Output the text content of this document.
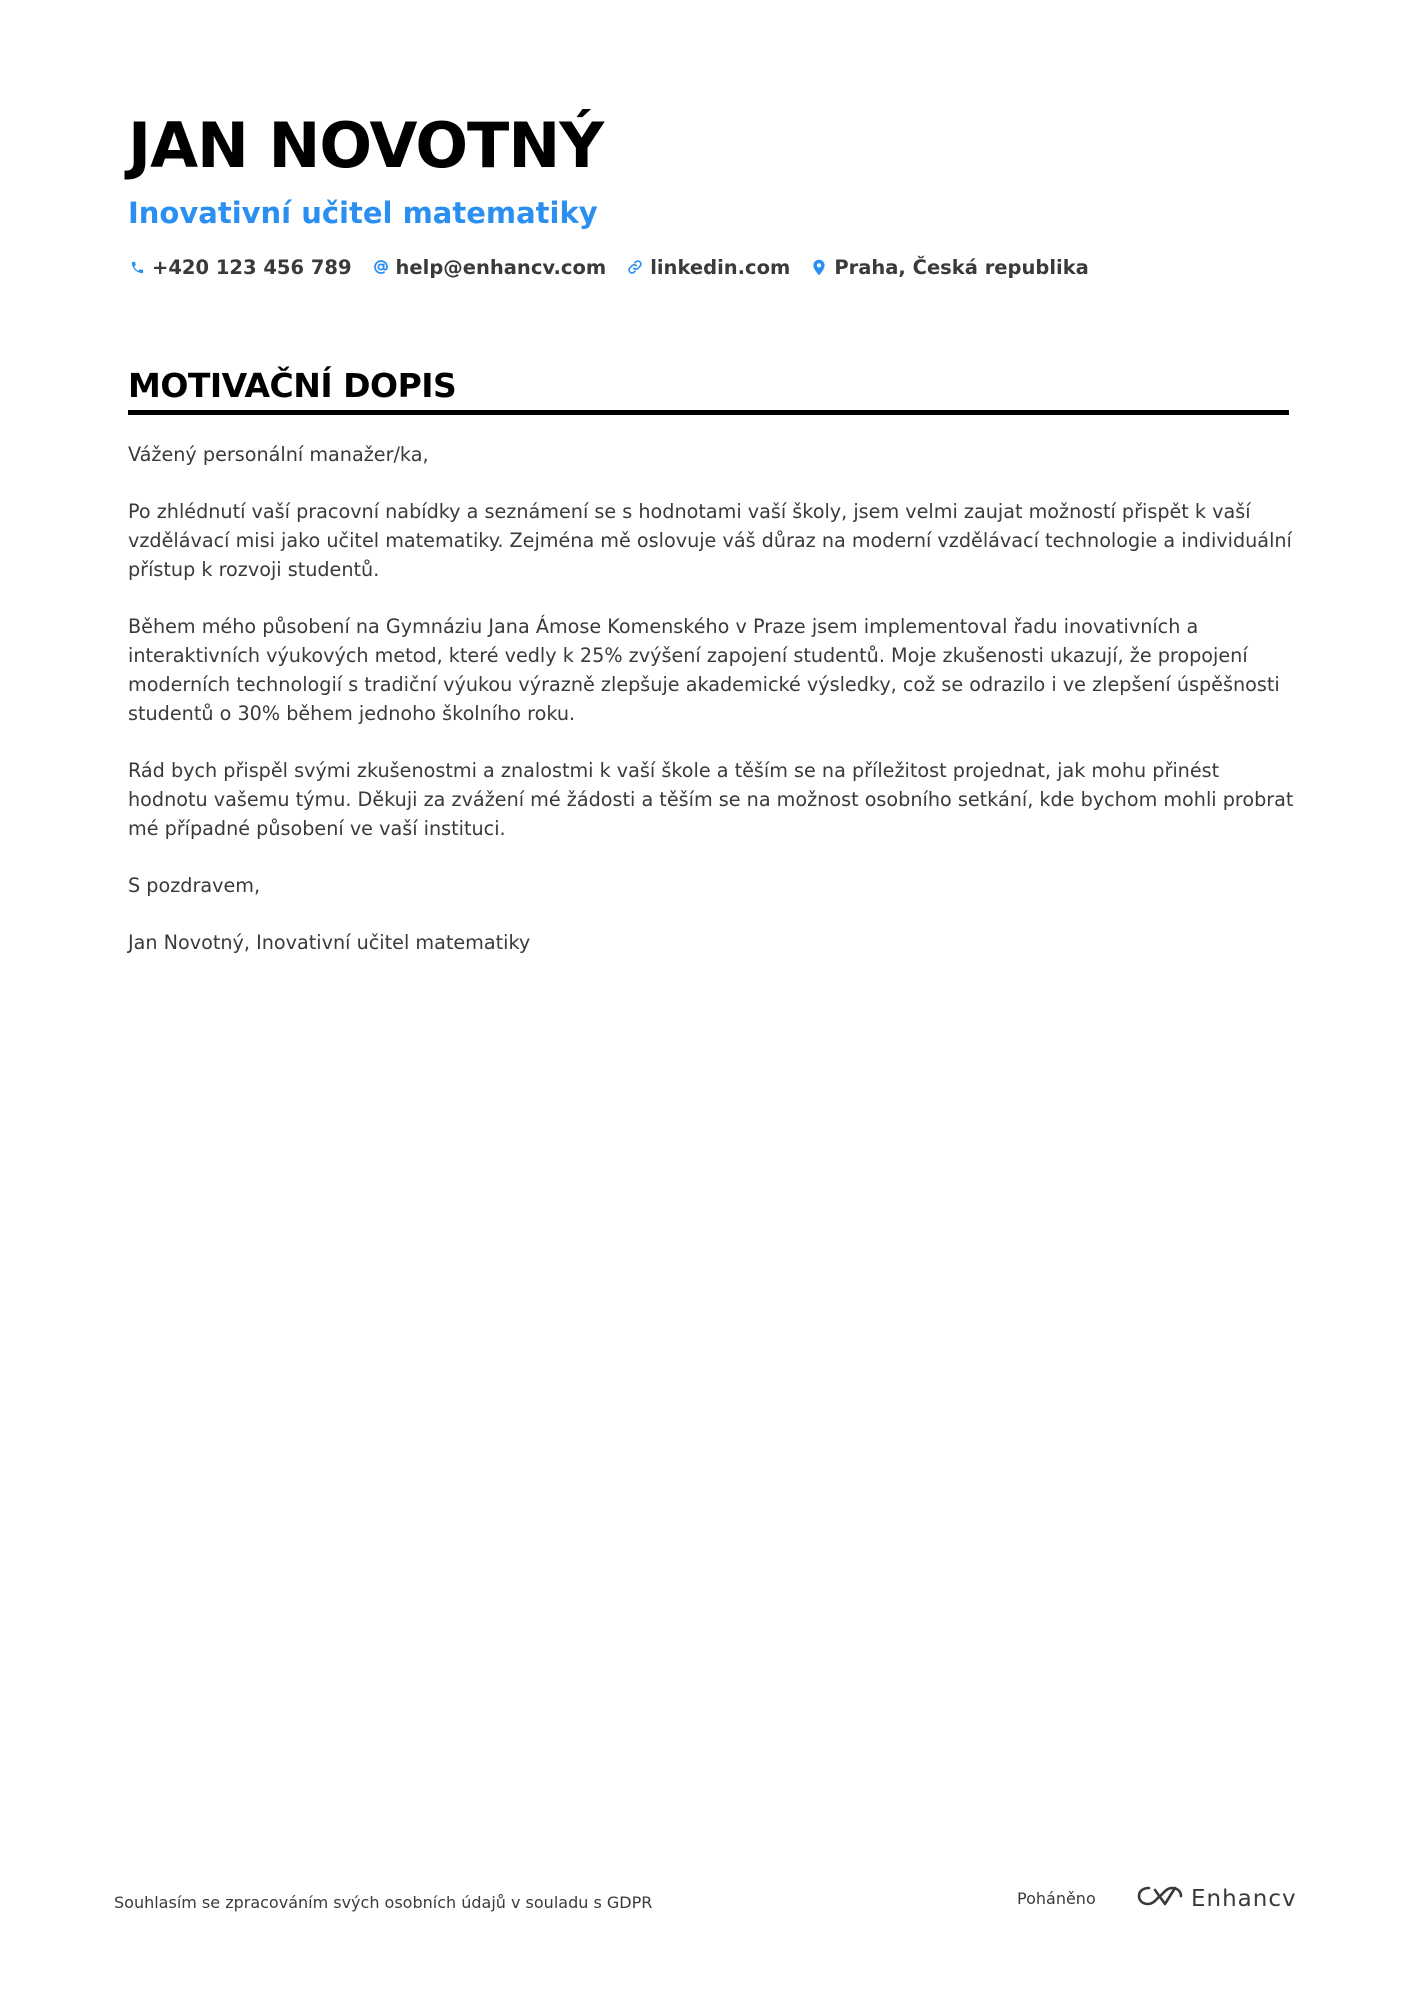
JAN NOVOTNÝ
Inovativní učitel matematiky
+420 123 456 789 help@enhancv.com linkedin.com Praha, Česká republika
MOTIVAČNÍ DOPIS

Vážený personální manažer/ka,

Po zhlédnutí vaší pracovní nabídky a seznámení se s hodnotami vaší školy, jsem velmi zaujat možností přispět k vaší vzdělávací misi jako učitel matematiky. Zejména mě oslovuje váš důraz na moderní vzdělávací technologie a individuální přístup k rozvoji studentů.

Během mého působení na Gymnáziu Jana Ámose Komenského v Praze jsem implementoval řadu inovativních a interaktivních výukových metod, které vedly k 25% zvýšení zapojení studentů. Moje zkušenosti ukazují, že propojení moderních technologií s tradiční výukou výrazně zlepšuje akademické výsledky, což se odrazilo i ve zlepšení úspěšnosti studentů o 30% během jednoho školního roku.

Rád bych přispěl svými zkušenostmi a znalostmi k vaší škole a těším se na příležitost projednat, jak mohu přinést hodnotu vašemu týmu. Děkuji za zvážení mé žádosti a těším se na možnost osobního setkání, kde bychom mohli probrat mé případné působení ve vaší instituci.

S pozdravem,

Jan Novotný, Inovativní učitel matematiky

Souhlasím se zpracováním svých osobních údajů v souladu s GDPR	Poháněno	Enhancv
